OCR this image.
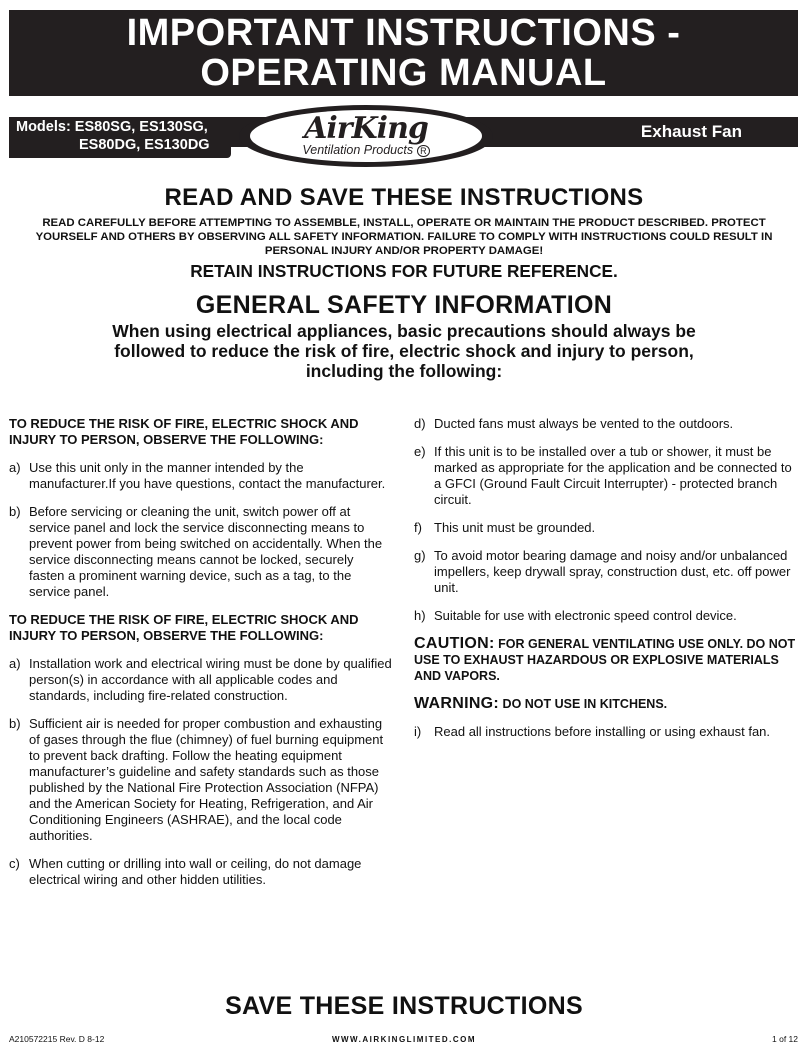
IMPORTANT INSTRUCTIONS -
OPERATING MANUAL
Models: ES80SG, ES130SG,
ES80DG, ES130DG	AirKing
Ventilation Products R
Exhaust Fan
READ AND SAVE THESE INSTRUCTIONS
READ CAREFULLY BEFORE ATTEMPTING TO ASSEMBLE, INSTALL, OPERATE OR MAINTAIN THE PRODUCT DESCRIBED. PROTECT YOURSELF AND OTHERS BY OBSERVING ALL SAFETY INFORMATION. FAILURE TO COMPLY WITH INSTRUCTIONS COULD RESULT IN PERSONAL INJURY AND/OR PROPERTY DAMAGE!
RETAIN INSTRUCTIONS FOR FUTURE REFERENCE.
GENERAL SAFETY INFORMATION
When using electrical appliances, basic precautions should always be followed to reduce the risk of fire, electric shock and injury to person, including the following:
TO REDUCE THE RISK OF FIRE, ELECTRIC SHOCK AND INJURY TO PERSON, OBSERVE THE FOLLOWING:
a) Use this unit only in the manner intended by the manufacturer.If you have questions, contact the manufacturer.
b) Before servicing or cleaning the unit, switch power off at service panel and lock the service disconnecting means to prevent power from being switched on accidentally. When the service disconnecting means cannot be locked, securely fasten a prominent warning device, such as a tag, to the service panel.
TO REDUCE THE RISK OF FIRE, ELECTRIC SHOCK AND INJURY TO PERSON, OBSERVE THE FOLLOWING:
a) Installation work and electrical wiring must be done by qualified person(s) in accordance with all applicable codes and standards, including fire-related construction.
b) Sufficient air is needed for proper combustion and exhausting of gases through the flue (chimney) of fuel burning equipment to prevent back drafting. Follow the heating equipment manufacturer’s guideline and safety standards such as those published by the National Fire Protection Association (NFPA) and the American Society for Heating, Refrigeration, and Air Conditioning Engineers (ASHRAE), and the local code authorities.
c) When cutting or drilling into wall or ceiling, do not damage electrical wiring and other hidden utilities.
d) Ducted fans must always be vented to the outdoors.
e) If this unit is to be installed over a tub or shower, it must be marked as appropriate for the application and be connected to a GFCI (Ground Fault Circuit Interrupter) - protected branch circuit.
f) This unit must be grounded.
g) To avoid motor bearing damage and noisy and/or unbalanced impellers, keep drywall spray, construction dust, etc. off power unit.
h) Suitable for use with electronic speed control device.
CAUTION: FOR GENERAL VENTILATING USE ONLY. DO NOT USE TO EXHAUST HAZARDOUS OR EXPLOSIVE MATERIALS AND VAPORS.
WARNING: DO NOT USE IN KITCHENS.
i) Read all instructions before installing or using exhaust fan.
SAVE THESE INSTRUCTIONS
A210572215 Rev. D 8-12	WWW.AIRKINGLIMITED.COM	1 of 12
